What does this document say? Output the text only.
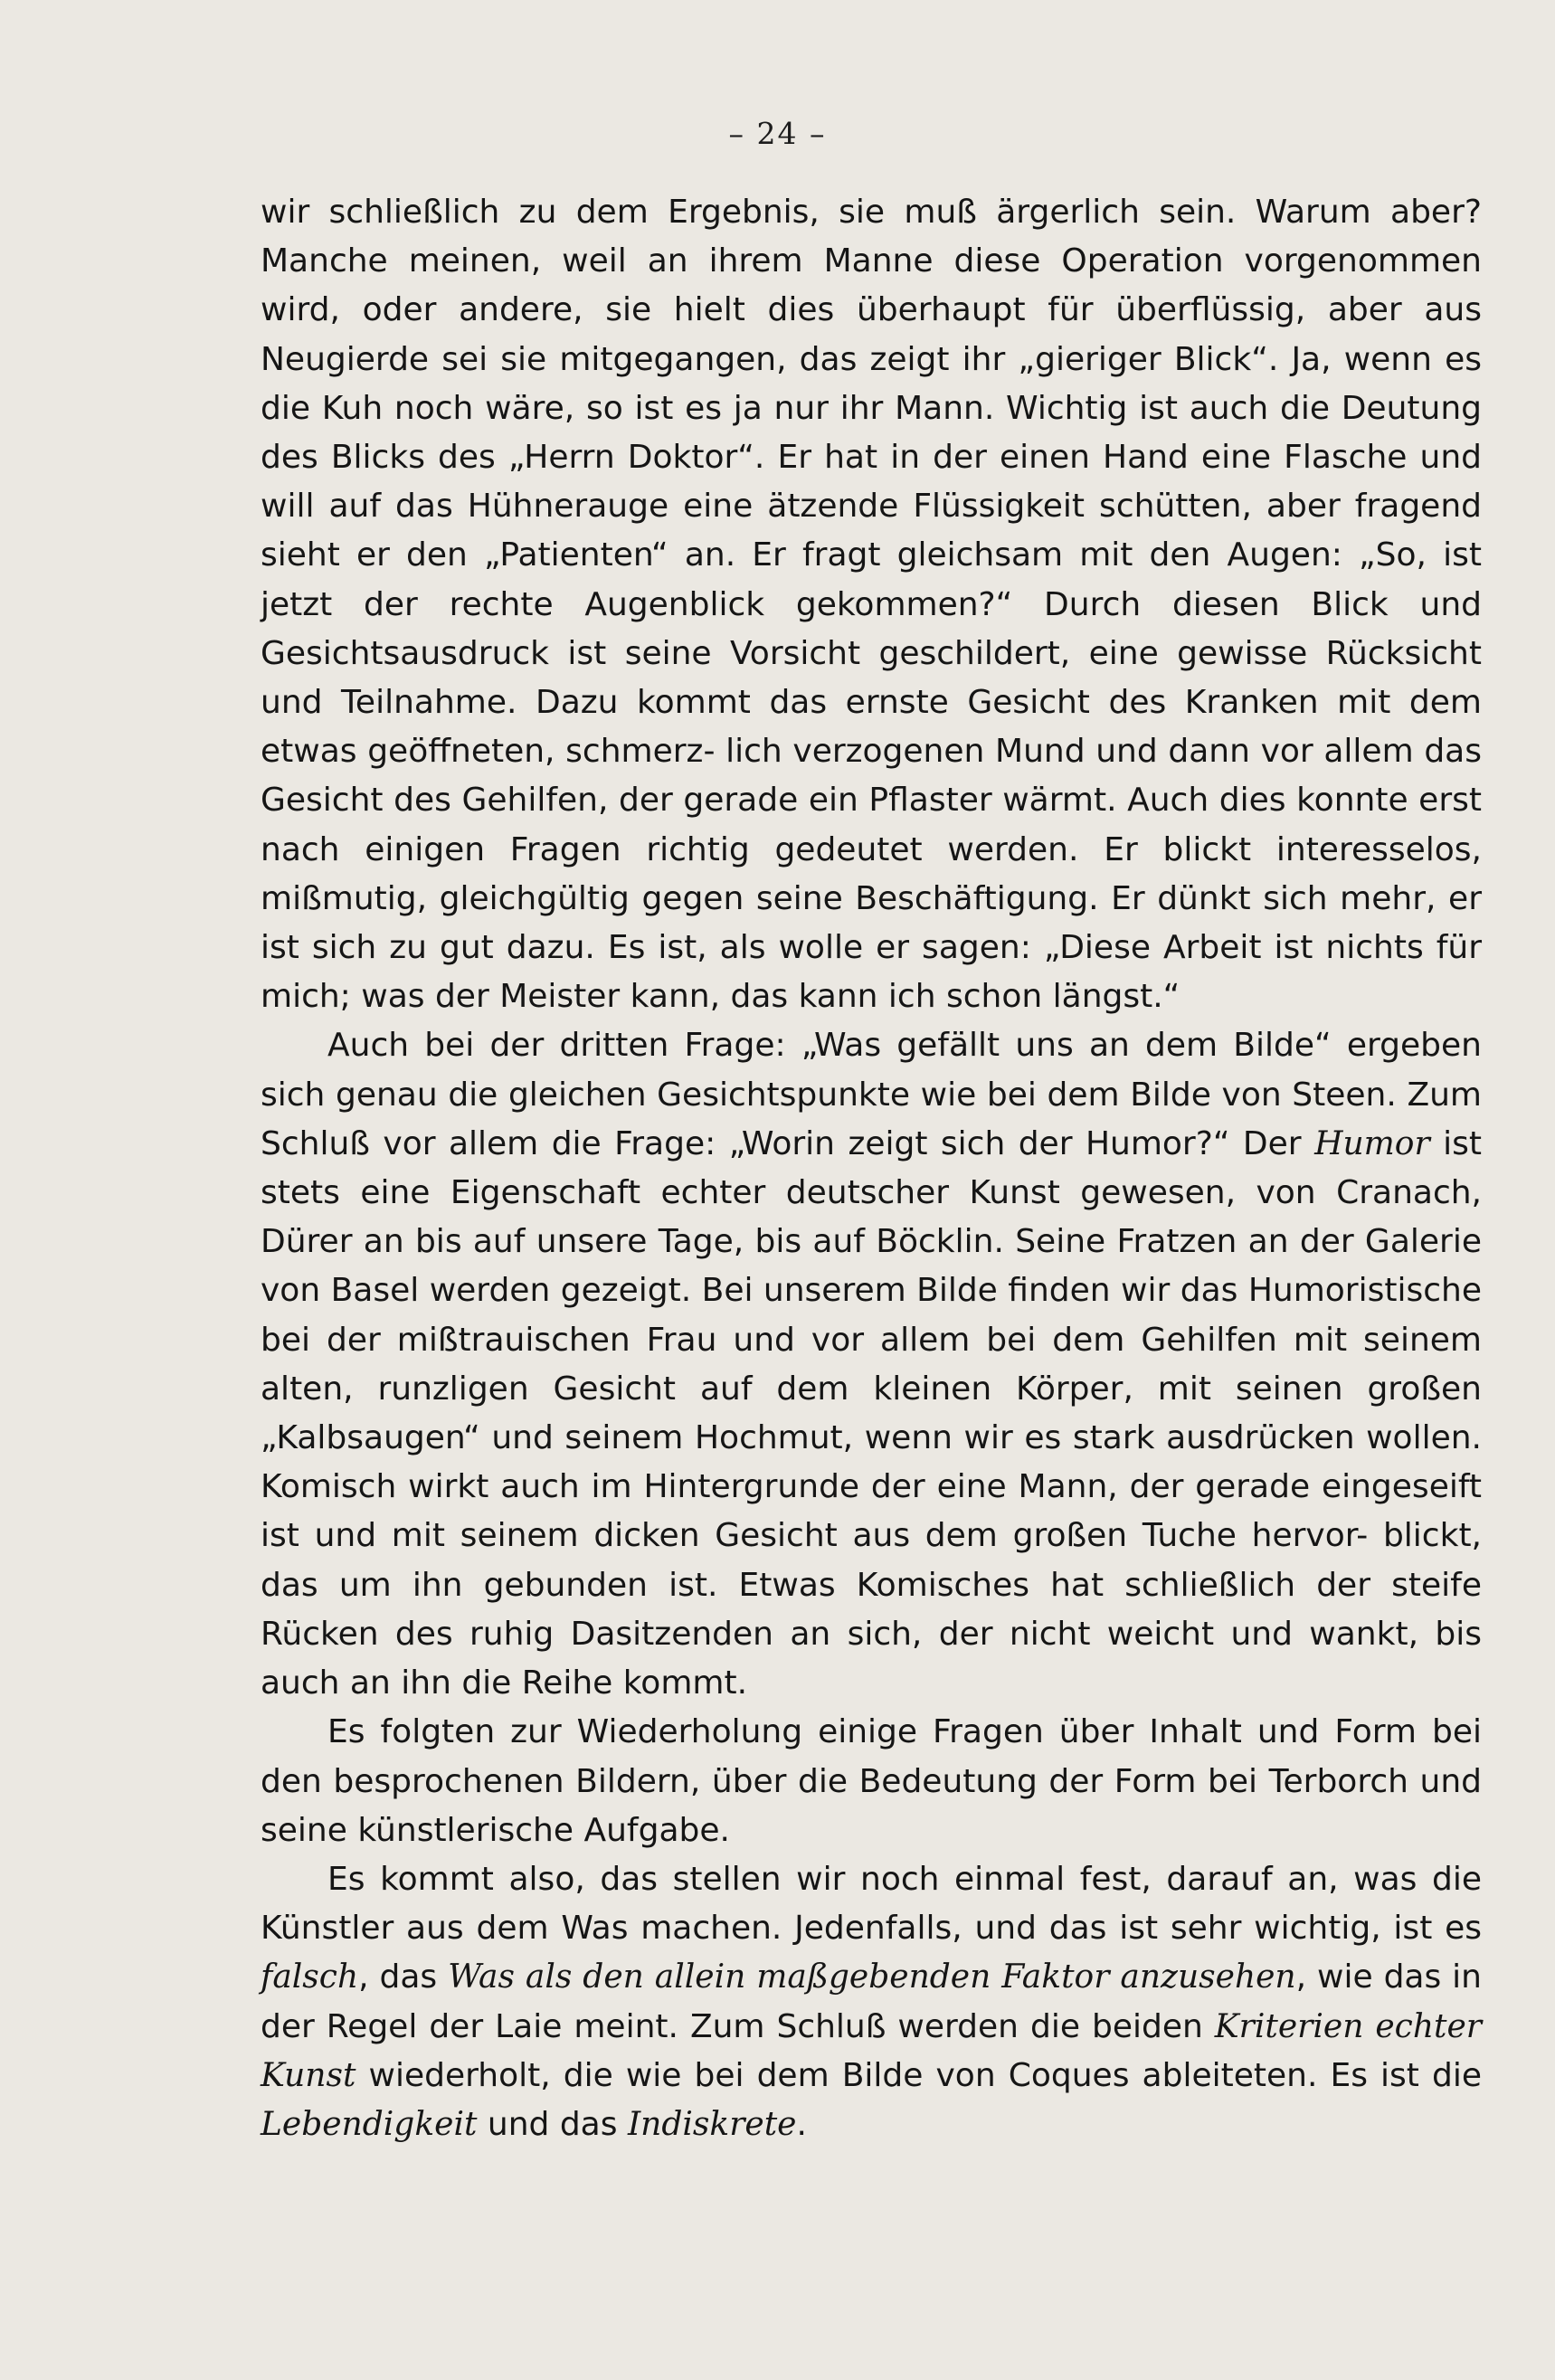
– 24 –

wir schließlich zu dem Ergebnis, sie muß ärgerlich sein. Warum aber? Manche meinen, weil an ihrem Manne diese Operation vorgenommen wird, oder andere, sie hielt dies überhaupt für überflüssig, aber aus Neugierde sei sie mitgegangen, das zeigt ihr „gieriger Blick“. Ja, wenn es die Kuh noch wäre, so ist es ja nur ihr Mann. Wichtig ist auch die Deutung des Blicks des „Herrn Doktor“. Er hat in der einen Hand eine Flasche und will auf das Hühnerauge eine ätzende Flüssigkeit schütten, aber fragend sieht er den „Patienten“ an. Er fragt gleichsam mit den Augen: „So, ist jetzt der rechte Augenblick gekommen?“ Durch diesen Blick und Gesichtsausdruck ist seine Vorsicht geschildert, eine gewisse Rücksicht und Teilnahme. Dazu kommt das ernste Gesicht des Kranken mit dem etwas geöffneten, schmerz- lich verzogenen Mund und dann vor allem das Gesicht des Gehilfen, der gerade ein Pflaster wärmt. Auch dies konnte erst nach einigen Fragen richtig gedeutet werden. Er blickt interesselos, mißmutig, gleichgültig gegen seine Beschäftigung. Er dünkt sich mehr, er ist sich zu gut dazu. Es ist, als wolle er sagen: „Diese Arbeit ist nichts für mich; was der Meister kann, das kann ich schon längst.“

Auch bei der dritten Frage: „Was gefällt uns an dem Bilde“ ergeben sich genau die gleichen Gesichtspunkte wie bei dem Bilde von Steen. Zum Schluß vor allem die Frage: „Worin zeigt sich der Humor?“ Der Humor ist stets eine Eigenschaft echter deutscher Kunst gewesen, von Cranach, Dürer an bis auf unsere Tage, bis auf Böcklin. Seine Fratzen an der Galerie von Basel werden gezeigt. Bei unserem Bilde finden wir das Humoristische bei der mißtrauischen Frau und vor allem bei dem Gehilfen mit seinem alten, runzligen Gesicht auf dem kleinen Körper, mit seinen großen „Kalbsaugen“ und seinem Hochmut, wenn wir es stark ausdrücken wollen. Komisch wirkt auch im Hintergrunde der eine Mann, der gerade eingeseift ist und mit seinem dicken Gesicht aus dem großen Tuche hervor- blickt, das um ihn gebunden ist. Etwas Komisches hat schließlich der steife Rücken des ruhig Dasitzenden an sich, der nicht weicht und wankt, bis auch an ihn die Reihe kommt.

Es folgten zur Wiederholung einige Fragen über Inhalt und Form bei den besprochenen Bildern, über die Bedeutung der Form bei Terborch und seine künstlerische Aufgabe.

Es kommt also, das stellen wir noch einmal fest, darauf an, was die Künstler aus dem Was machen. Jedenfalls, und das ist sehr wichtig, ist es falsch, das Was als den allein maßgebenden Faktor anzusehen, wie das in der Regel der Laie meint. Zum Schluß werden die beiden Kriterien echter Kunst wiederholt, die wie bei dem Bilde von Coques ableiteten. Es ist die Lebendigkeit und das Indiskrete.
